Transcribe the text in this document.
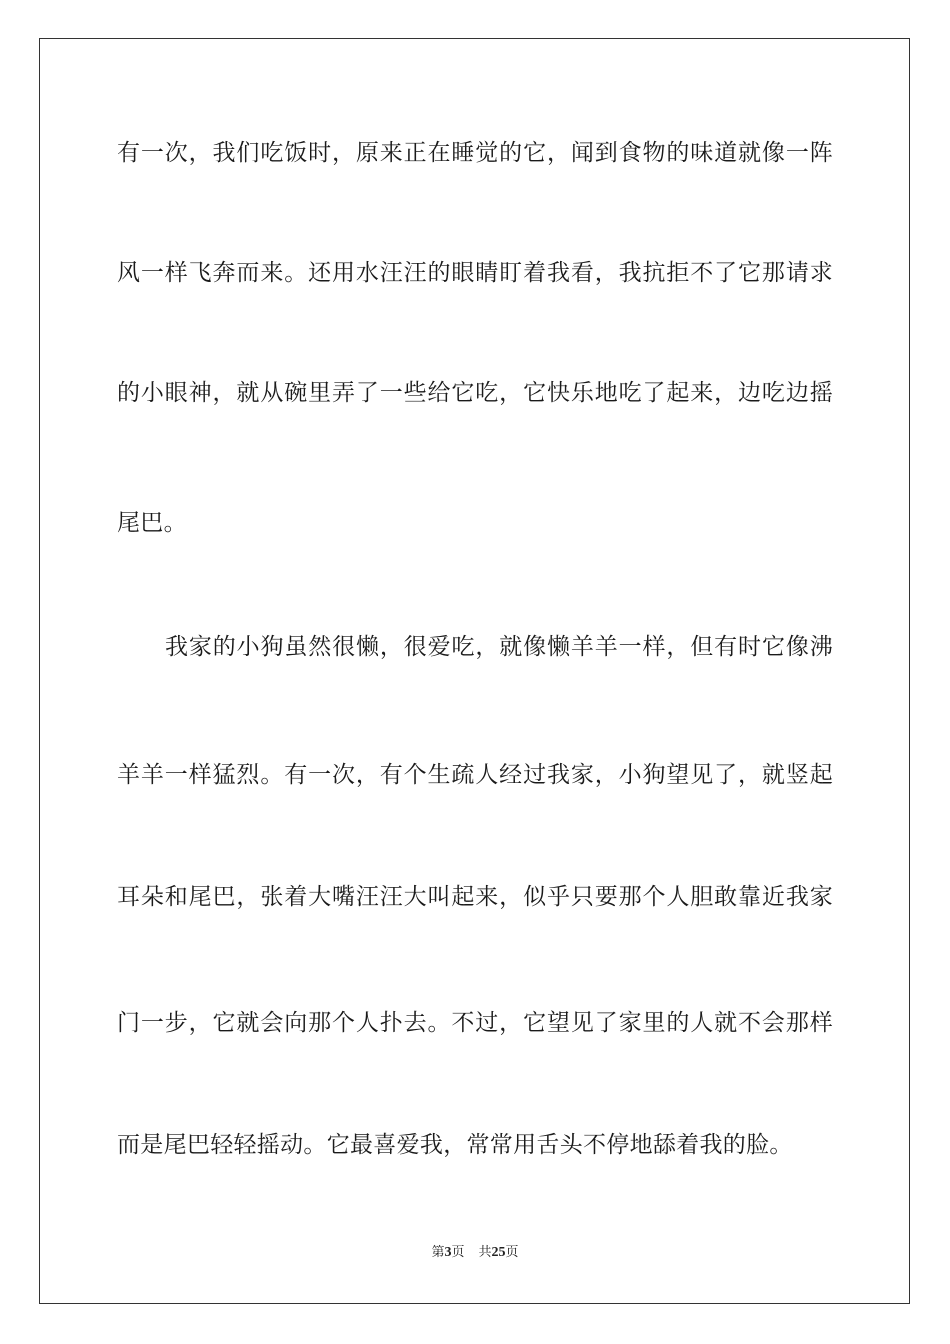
有一次，我们吃饭时，原来正在睡觉的它，闻到食物的味道就像一阵
风一样飞奔而来。还用水汪汪的眼睛盯着我看，我抗拒不了它那请求
的小眼神，就从碗里弄了一些给它吃，它快乐地吃了起来，边吃边摇
尾巴。
我家的小狗虽然很懒，很爱吃，就像懒羊羊一样，但有时它像沸
羊羊一样猛烈。有一次，有个生疏人经过我家，小狗望见了，就竖起
耳朵和尾巴，张着大嘴汪汪大叫起来，似乎只要那个人胆敢靠近我家
门一步，它就会向那个人扑去。不过，它望见了家里的人就不会那样
而是尾巴轻轻摇动。它最喜爱我，常常用舌头不停地舔着我的脸。
第3页 共25页
